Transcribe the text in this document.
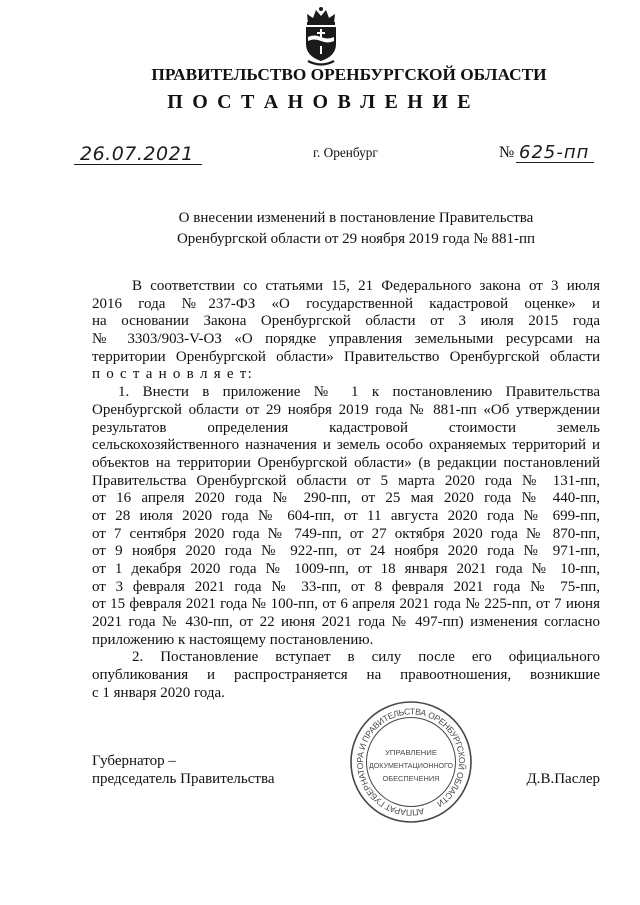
ПРАВИТЕЛЬСТВО ОРЕНБУРГСКОЙ ОБЛАСТИ
П О С Т А Н О В Л Е Н И Е
26.07.2021	г. Оренбург	№ 625-пп
О внесении изменений в постановление Правительства
Оренбургской области от 29 ноября 2019 года № 881-пп
В соответствии со статьями 15, 21 Федерального закона от 3 июля
2016 года №237-ФЗ «О государственной кадастровой оценке» и
на основании Закона Оренбургской области от 3 июля 2015 года
№ 3303/903-V-ОЗ «О порядке управления земельными ресурсами на
территории Оренбургской области» Правительство Оренбургской области
п о с т а н о в л я е т:
1. Внести в приложение № 1 к постановлению Правительства
Оренбургской области от 29 ноября 2019 года № 881-пп «Об утверждении
результатов определения кадастровой стоимости земель
сельскохозяйственного назначения и земель особо охраняемых территорий и
объектов на территории Оренбургской области» (в редакции постановлений
Правительства Оренбургской области от 5 марта 2020 года № 131-пп,
от 16 апреля 2020 года № 290-пп, от 25 мая 2020 года № 440-пп,
от 28 июля 2020 года № 604-пп, от 11 августа 2020 года № 699-пп,
от 7 сентября 2020 года № 749-пп, от 27 октября 2020 года № 870-пп,
от 9 ноября 2020 года № 922-пп, от 24 ноября 2020 года № 971-пп,
от 1 декабря 2020 года № 1009-пп, от 18 января 2021 года № 10-пп,
от 3 февраля 2021 года № 33-пп, от 8 февраля 2021 года № 75-пп,
от 15 февраля 2021 года № 100-пп, от 6 апреля 2021 года № 225-пп, от 7 июня
2021 года № 430-пп, от 22 июня 2021 года № 497-пп) изменения согласно
приложению к настоящему постановлению.
2. Постановление вступает в силу после его официального
опубликования и распространяется на правоотношения, возникшие
с 1 января 2020 года.
Губернатор –
председатель Правительства	Д.В.Паслер
АППАРАТ ГУБЕРНАТОРА И ПРАВИТЕЛЬСТВА ОРЕНБУРГСКОЙ ОБЛАСТИ
УПРАВЛЕНИЕ
ДОКУМЕНТАЦИОННОГО
ОБЕСПЕЧЕНИЯ
